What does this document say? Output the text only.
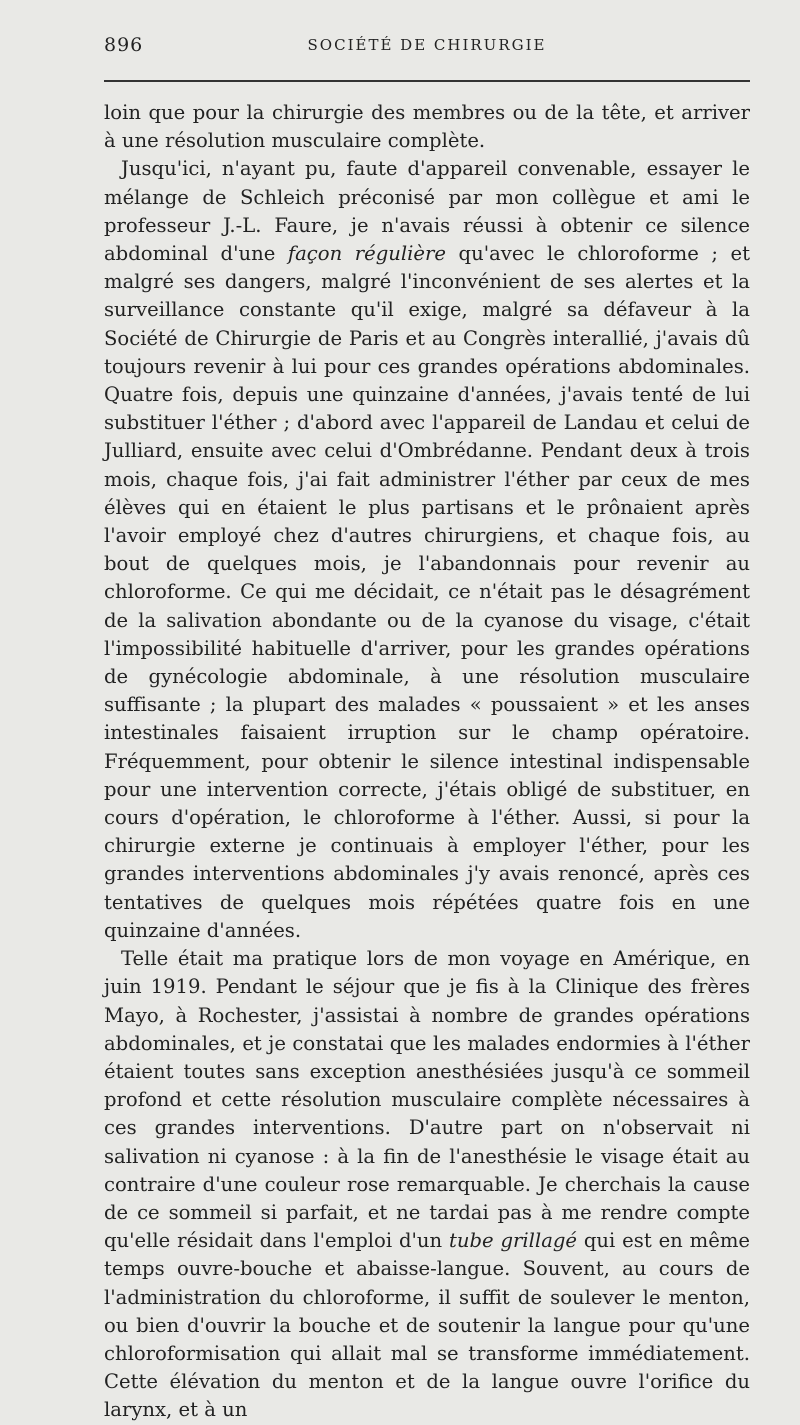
896	SOCIÉTÉ DE CHIRURGIE

loin que pour la chirurgie des membres ou de la tête, et arriver à une résolution musculaire complète.

Jusqu'ici, n'ayant pu, faute d'appareil convenable, essayer le mélange de Schleich préconisé par mon collègue et ami le professeur J.-L. Faure, je n'avais réussi à obtenir ce silence abdominal d'une façon régulière qu'avec le chloroforme ; et malgré ses dangers, malgré l'inconvénient de ses alertes et la surveillance constante qu'il exige, malgré sa défaveur à la Société de Chirurgie de Paris et au Congrès interallié, j'avais dû toujours revenir à lui pour ces grandes opérations abdominales. Quatre fois, depuis une quinzaine d'années, j'avais tenté de lui substituer l'éther ; d'abord avec l'appareil de Landau et celui de Julliard, ensuite avec celui d'Ombrédanne. Pendant deux à trois mois, chaque fois, j'ai fait administrer l'éther par ceux de mes élèves qui en étaient le plus partisans et le prônaient après l'avoir employé chez d'autres chirurgiens, et chaque fois, au bout de quelques mois, je l'abandonnais pour revenir au chloroforme. Ce qui me décidait, ce n'était pas le désagrément de la salivation abondante ou de la cyanose du visage, c'était l'impossibilité habituelle d'arriver, pour les grandes opérations de gynécologie abdominale, à une résolution musculaire suffisante ; la plupart des malades « poussaient » et les anses intestinales faisaient irruption sur le champ opératoire. Fréquemment, pour obtenir le silence intestinal indispensable pour une intervention correcte, j'étais obligé de substituer, en cours d'opération, le chloroforme à l'éther. Aussi, si pour la chirurgie externe je continuais à employer l'éther, pour les grandes interventions abdominales j'y avais renoncé, après ces tentatives de quelques mois répétées quatre fois en une quinzaine d'années.

Telle était ma pratique lors de mon voyage en Amérique, en juin 1919. Pendant le séjour que je fis à la Clinique des frères Mayo, à Rochester, j'assistai à nombre de grandes opérations abdominales, et je constatai que les malades endormies à l'éther étaient toutes sans exception anesthésiées jusqu'à ce sommeil profond et cette résolution musculaire complète nécessaires à ces grandes interventions. D'autre part on n'observait ni salivation ni cyanose : à la fin de l'anesthésie le visage était au contraire d'une couleur rose remarquable. Je cherchais la cause de ce sommeil si parfait, et ne tardai pas à me rendre compte qu'elle résidait dans l'emploi d'un tube grillagé qui est en même temps ouvre-bouche et abaisse-langue. Souvent, au cours de l'administration du chloroforme, il suffit de soulever le menton, ou bien d'ouvrir la bouche et de soutenir la langue pour qu'une chloroformisation qui allait mal se transforme immédiatement. Cette élévation du menton et de la langue ouvre l'orifice du larynx, et à un
